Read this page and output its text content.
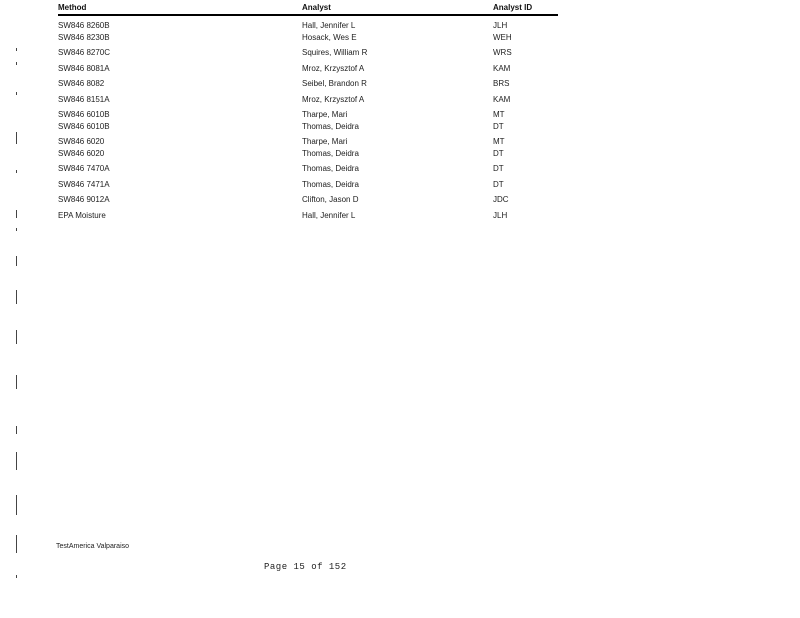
Method	Analyst	Analyst ID
SW846 8260B	Hall, Jennifer L	JLH
SW846 8230B	Hosack, Wes E	WEH
SW846 8270C	Squires, William R	WRS
SW846 8081A	Mroz, Krzysztof A	KAM
SW846 8082	Seibel, Brandon R	BRS
SW846 8151A	Mroz, Krzysztof A	KAM
SW846 6010B	Tharpe, Mari	MT
SW846 6010B	Thomas, Deidra	DT
SW846 6020	Tharpe, Mari	MT
SW846 6020	Thomas, Deidra	DT
SW846 7470A	Thomas, Deidra	DT
SW846 7471A	Thomas, Deidra	DT
SW846 9012A	Clifton, Jason D	JDC
EPA Moisture	Hall, Jennifer L	JLH
TestAmerica Valparaiso
Page 15 of 152
